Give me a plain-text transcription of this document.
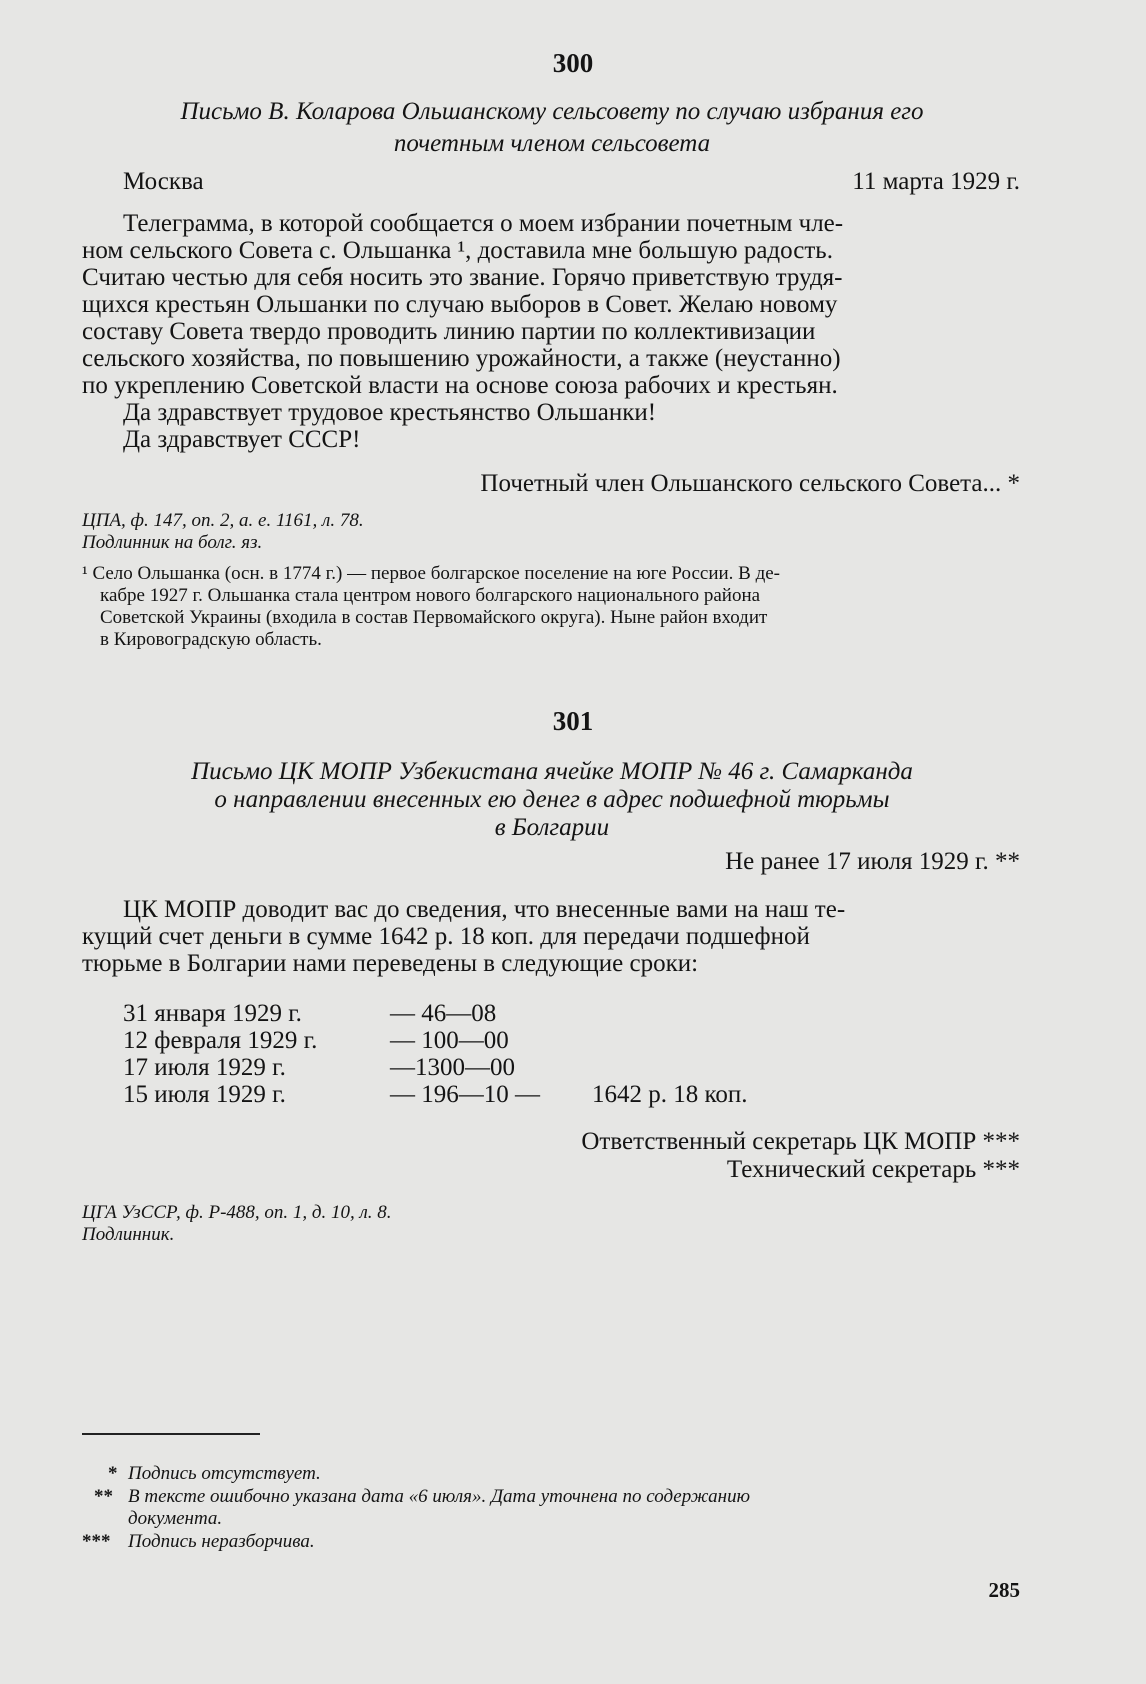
300
Письмо В. Коларова Ольшанскому сельсовету по случаю избрания его
почетным членом сельсовета
Москва	11 марта 1929 г.
Телеграмма, в которой сообщается о моем избрании почетным чле-
ном сельского Совета с. Ольшанка ¹, доставила мне большую радость.
Считаю честью для себя носить это звание. Горячо приветствую трудя-
щихся крестьян Ольшанки по случаю выборов в Совет. Желаю новому
составу Совета твердо проводить линию партии по коллективизации
сельского хозяйства, по повышению урожайности, а также (неустанно)
по укреплению Советской власти на основе союза рабочих и крестьян.
Да здравствует трудовое крестьянство Ольшанки!
Да здравствует СССР!
Почетный член Ольшанского сельского Совета... *
ЦПА, ф. 147, оп. 2, а. е. 1161, л. 78.
Подлинник на болг. яз.
¹ Село Ольшанка (осн. в 1774 г.) — первое болгарское поселение на юге России. В де-
кабре 1927 г. Ольшанка стала центром нового болгарского национального района
Советской Украины (входила в состав Первомайского округа). Ныне район входит
в Кировоградскую область.
301
Письмо ЦК МОПР Узбекистана ячейке МОПР № 46 г. Самарканда
о направлении внесенных ею денег в адрес подшефной тюрьмы
в Болгарии
Не ранее 17 июля 1929 г. **
ЦК МОПР доводит вас до сведения, что внесенные вами на наш те-
кущий счет деньги в сумме 1642 р. 18 коп. для передачи подшефной
тюрьме в Болгарии нами переведены в следующие сроки:
31 января 1929 г.	— 46—08
12 февраля 1929 г.	— 100—00
17 июля 1929 г.	—1300—00
15 июля 1929 г.	— 196—10 — 1642 р. 18 коп.
Ответственный секретарь ЦК МОПР ***
Технический секретарь ***
ЦГА УзССР, ф. Р-488, оп. 1, д. 10, л. 8.
Подлинник.
* Подпись отсутствует.
** В тексте ошибочно указана дата «6 июля». Дата уточнена по содержанию
документа.
*** Подпись неразборчива.
285
